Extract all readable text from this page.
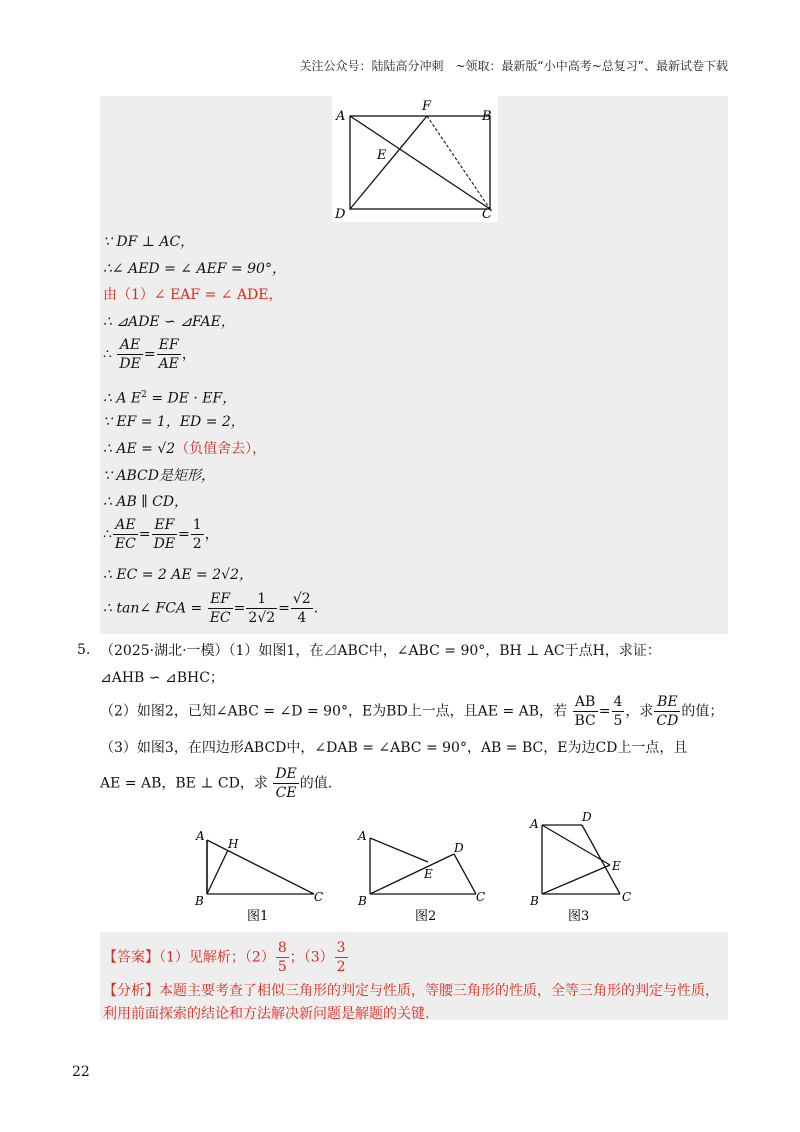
关注公众号：陆陆高分冲刺　~领取：最新版“小中高考~总复习”、最新试卷下载
A	B
C
D
E
F
∵ DF ⊥ AC，
∴∠ AED = ∠ AEF = 90°，
由（1）∠ EAF = ∠ ADE，
∴ ⊿ADE ∽ ⊿FAE，
∴ $\frac{AE}{DE} = \frac{EF}{AE}$ ，
∴ A $E^2$ = DE · EF，
∵ EF = 1，ED = 2，
∴ AE = √2（负值舍去），
∵ ABCD是矩形，
∴ AB ∥ CD，
∴ $\frac{AE}{EC} = \frac{EF}{DE} = \frac{1}{2}$ ，
∴ EC = 2 AE = 2√2，
∴ tan∠ FCA = $\frac{EF}{EC} = \frac{1}{2√2} = \frac{√2}{4}$ .
5. （2025·湖北·一模）（1）如图1，在⊿ABC中，∠ABC = 90°，BH ⊥ AC于点H，求证：
⊿AHB ∽ ⊿BHC；
（2）如图2，已知∠ABC = ∠D = 90°，E为BD上一点，且AE = AB，若 $\frac{AB}{BC} = \frac{4}{5}$ ，求 $\frac{BE}{CD}$ 的值；
（3）如图3，在四边形ABCD中，∠DAB = ∠ABC = 90°，AB = BC，E为边CD上一点，且
AE = AB，BE ⊥ CD，求 $\frac{DE}{CE}$ 的值.
A
H
B	C
图1
A
D
E
B	C
图2
A	D
E
B	C
图3
【答案】（1）见解析；$(2) \frac{8}{5}$ ；$(3) \frac{3}{2}$
【分析】本题主要考查了相似三角形的判定与性质，等腰三角形的性质，全等三角形的判定与性质，
利用前面探索的结论和方法解决新问题是解题的关键.
22
